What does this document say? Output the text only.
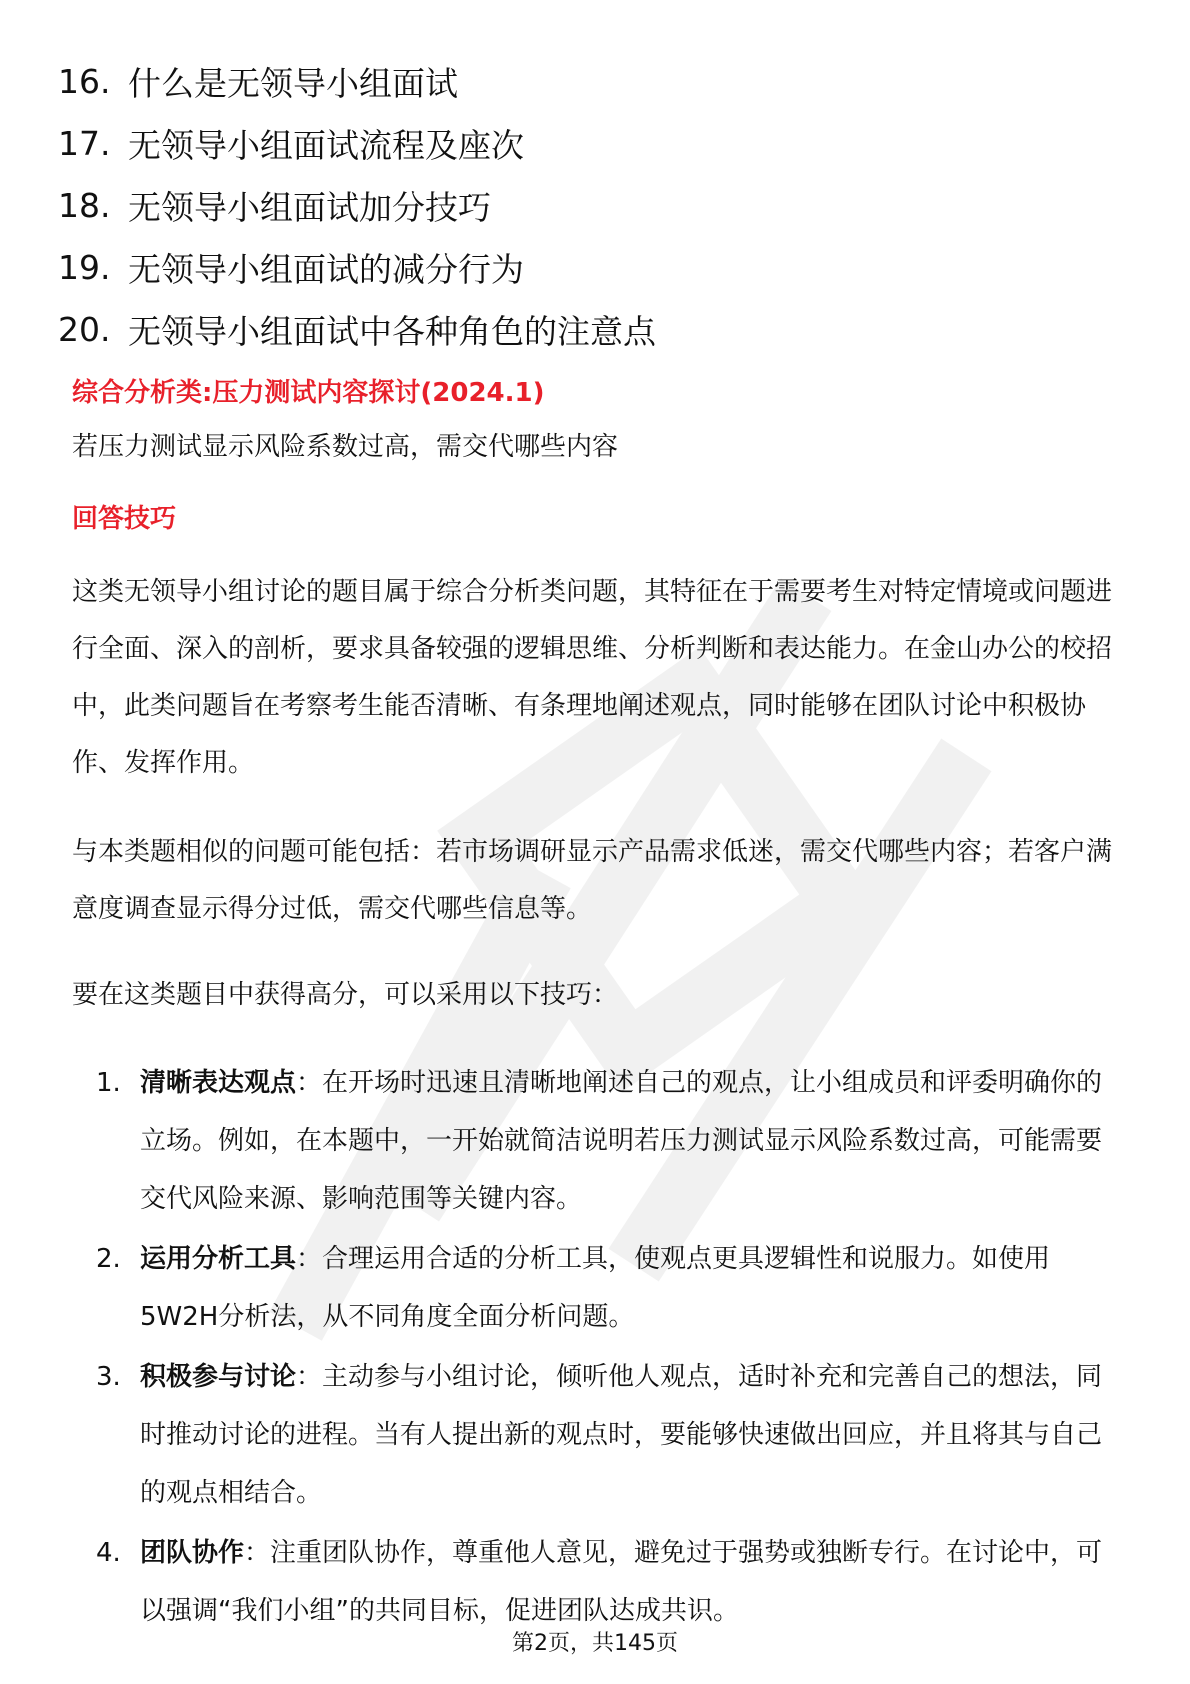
16. 什么是无领导小组面试
17. 无领导小组面试流程及座次
18. 无领导小组面试加分技巧
19. 无领导小组面试的减分行为
20. 无领导小组面试中各种角色的注意点
综合分析类:压力测试内容探讨(2024.1)
若压力测试显示风险系数过高，需交代哪些内容
回答技巧
这类无领导小组讨论的题目属于综合分析类问题，其特征在于需要考生对特定情境或问题进行全面、深入的剖析，要求具备较强的逻辑思维、分析判断和表达能力。在金山办公的校招中，此类问题旨在考察考生能否清晰、有条理地阐述观点，同时能够在团队讨论中积极协作、发挥作用。
与本类题相似的问题可能包括：若市场调研显示产品需求低迷，需交代哪些内容；若客户满意度调查显示得分过低，需交代哪些信息等。
要在这类题目中获得高分，可以采用以下技巧：
1. 清晰表达观点：在开场时迅速且清晰地阐述自己的观点，让小组成员和评委明确你的立场。例如，在本题中，一开始就简洁说明若压力测试显示风险系数过高，可能需要交代风险来源、影响范围等关键内容。
2. 运用分析工具：合理运用合适的分析工具，使观点更具逻辑性和说服力。如使用5W2H分析法，从不同角度全面分析问题。
3. 积极参与讨论：主动参与小组讨论，倾听他人观点，适时补充和完善自己的想法，同时推动讨论的进程。当有人提出新的观点时，要能够快速做出回应，并且将其与自己的观点相结合。
4. 团队协作：注重团队协作，尊重他人意见，避免过于强势或独断专行。在讨论中，可以强调“我们小组”的共同目标，促进团队达成共识。
第2页，共145页
